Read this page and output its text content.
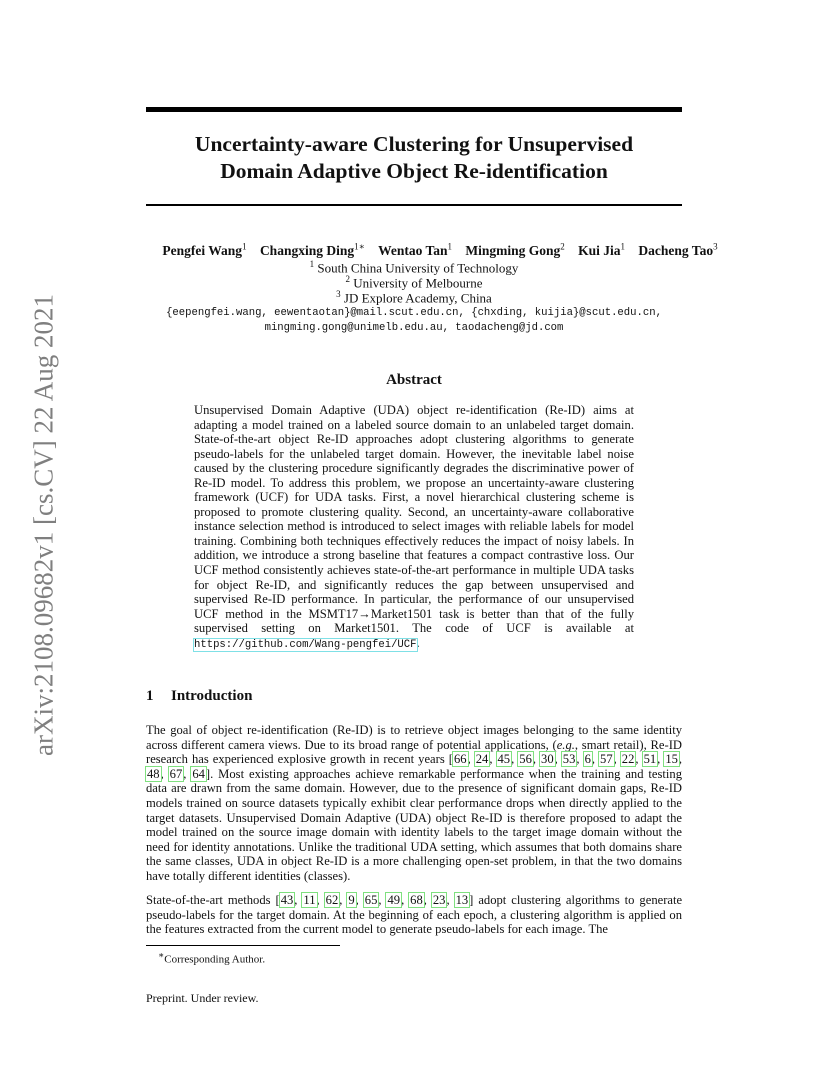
arXiv:2108.09682v1 [cs.CV] 22 Aug 2021
Uncertainty-aware Clustering for Unsupervised
Domain Adaptive Object Re-identification
Pengfei Wang$^1$ Changxing Ding$^{1∗}$ Wentao Tan$^1$ Mingming Gong$^2$ Kui Jia$^1$ Dacheng Tao$^3$
$^1$ South China University of Technology
$^2$ University of Melbourne
$^3$ JD Explore Academy, China
{eepengfei.wang, eewentaotan}@mail.scut.edu.cn, {chxding, kuijia}@scut.edu.cn,
mingming.gong@unimelb.edu.au, taodacheng@jd.com
Abstract

Unsupervised Domain Adaptive (UDA) object re-identification (Re-ID) aims at adapting a model trained on a labeled source domain to an unlabeled target domain. State-of-the-art object Re-ID approaches adopt clustering algorithms to generate pseudo-labels for the unlabeled target domain. However, the inevitable label noise caused by the clustering procedure significantly degrades the discriminative power of Re-ID model. To address this problem, we propose an uncertainty-aware clustering framework (UCF) for UDA tasks. First, a novel hierarchical clustering scheme is proposed to promote clustering quality. Second, an uncertainty-aware collaborative instance selection method is introduced to select images with reliable labels for model training. Combining both techniques effectively reduces the impact of noisy labels. In addition, we introduce a strong baseline that features a compact contrastive loss. Our UCF method consistently achieves state-of-the-art performance in multiple UDA tasks for object Re-ID, and significantly reduces the gap between unsupervised and supervised Re-ID performance. In particular, the performance of our unsupervised UCF method in the MSMT17→Market1501 task is better than that of the fully supervised setting on Market1501. The code of UCF is available at https://github.com/Wang-pengfei/UCF.

1 Introduction

The goal of object re-identification (Re-ID) is to retrieve object images belonging to the same identity across different camera views. Due to its broad range of potential applications, (e.g., smart retail), Re-ID research has experienced explosive growth in recent years [66, 24, 45, 56, 30, 53, 6, 57, 22, 51, 15, 48, 67, 64]. Most existing approaches achieve remarkable performance when the training and testing data are drawn from the same domain. However, due to the presence of significant domain gaps, Re-ID models trained on source datasets typically exhibit clear performance drops when directly applied to the target datasets. Unsupervised Domain Adaptive (UDA) object Re-ID is therefore proposed to adapt the model trained on the source image domain with identity labels to the target image domain without the need for identity annotations. Unlike the traditional UDA setting, which assumes that both domains share the same classes, UDA in object Re-ID is a more challenging open-set problem, in that the two domains have totally different identities (classes).

State-of-the-art methods [43, 11, 62, 9, 65, 49, 68, 23, 13] adopt clustering algorithms to generate pseudo-labels for the target domain. At the beginning of each epoch, a clustering algorithm is applied on the features extracted from the current model to generate pseudo-labels for each image. The

∗Corresponding Author.
Preprint. Under review.
